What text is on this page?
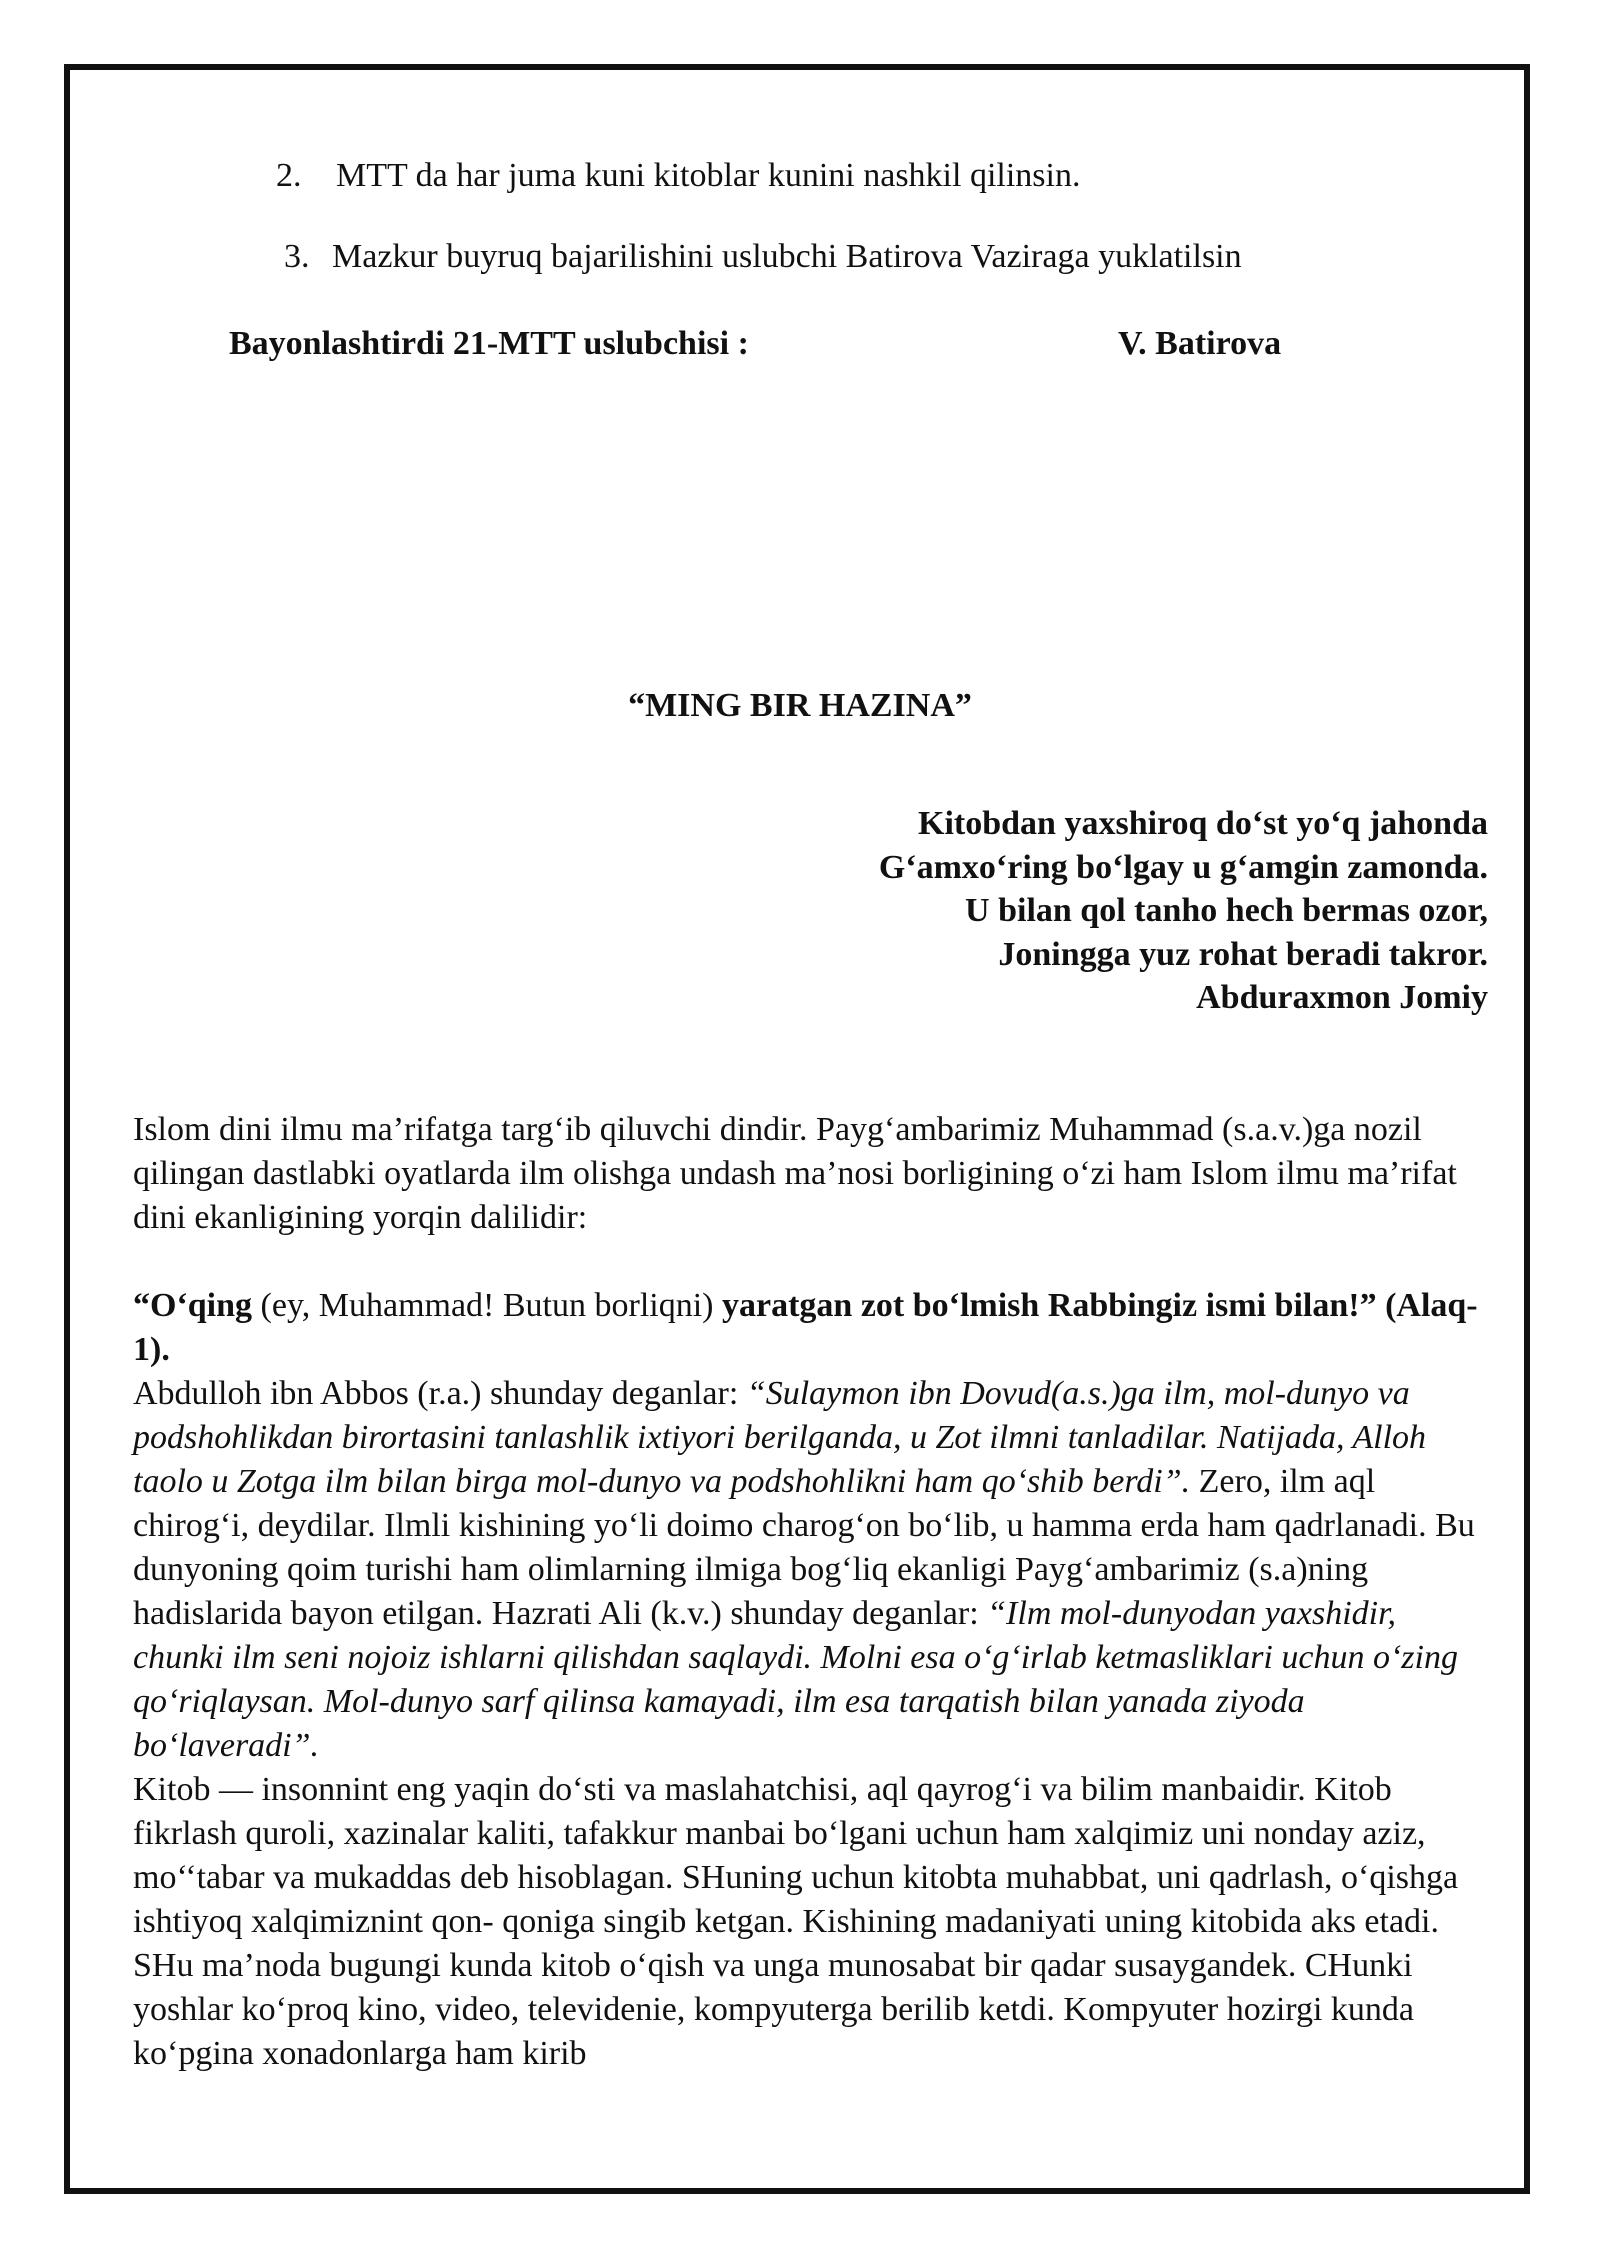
2. MTT da har juma kuni kitoblar kunini nashkil qilinsin.
3. Mazkur buyruq bajarilishini uslubchi Batirova Vaziraga yuklatilsin
Bayonlashtirdi 21-MTT uslubchisi :	V. Batirova
“MING BIR HAZINA”
Kitobdan yaxshiroq do‘st yo‘q jahonda
G‘amxo‘ring bo‘lgay u g‘amgin zamonda.
U bilan qol tanho hech bermas ozor,
Joningga yuz rohat beradi takror.
Abduraxmon Jomiy

Islom dini ilmu ma’rifatga targ‘ib qiluvchi dindir. Payg‘ambarimiz Muhammad (s.a.v.)ga nozil qilingan dastlabki oyatlarda ilm olishga undash ma’nosi borligining o‘zi ham Islom ilmu ma’rifat dini ekanligining yorqin dalilidir:

“O‘qing (ey, Muhammad! Butun borliqni) yaratgan zot bo‘lmish Rabbingiz ismi bilan!” (Alaq-1).

Abdulloh ibn Abbos (r.a.) shunday deganlar: “Sulaymon ibn Dovud(a.s.)ga ilm, mol-dunyo va podshohlikdan birortasini tanlashlik ixtiyori berilganda, u Zot ilmni tanladilar. Natijada, Alloh taolo u Zotga ilm bilan birga mol-dunyo va podshohlikni ham qo‘shib berdi”. Zero, ilm aql chirog‘i, deydilar. Ilmli kishining yo‘li doimo charog‘on bo‘lib, u hamma erda ham qadrlanadi. Bu dunyoning qoim turishi ham olimlarning ilmiga bog‘liq ekanligi Payg‘ambarimiz (s.a)ning hadislarida bayon etilgan. Hazrati Ali (k.v.) shunday deganlar: “Ilm mol-dunyodan yaxshidir, chunki ilm seni nojoiz ishlarni qilishdan saqlaydi. Molni esa o‘g‘irlab ketmasliklari uchun o‘zing qo‘riqlaysan. Mol-dunyo sarf qilinsa kamayadi, ilm esa tarqatish bilan yanada ziyoda bo‘laveradi”.

Kitob — insonnint eng yaqin do‘sti va maslahatchisi, aql qayrog‘i va bilim manbaidir. Kitob fikrlash quroli, xazinalar kaliti, tafakkur manbai bo‘lgani uchun ham xalqimiz uni nonday aziz, mo‘‘tabar va mukaddas deb hisoblagan. SHuning uchun kitobta muhabbat, uni qadrlash, o‘qishga ishtiyoq xalqimiznint qon- qoniga singib ketgan. Kishining madaniyati uning kitobida aks etadi. SHu ma’noda bugungi kunda kitob o‘qish va unga munosabat bir qadar susaygandek. CHunki yoshlar ko‘proq kino, video, televidenie, kompyuterga berilib ketdi. Kompyuter hozirgi kunda ko‘pgina xonadonlarga ham kirib
